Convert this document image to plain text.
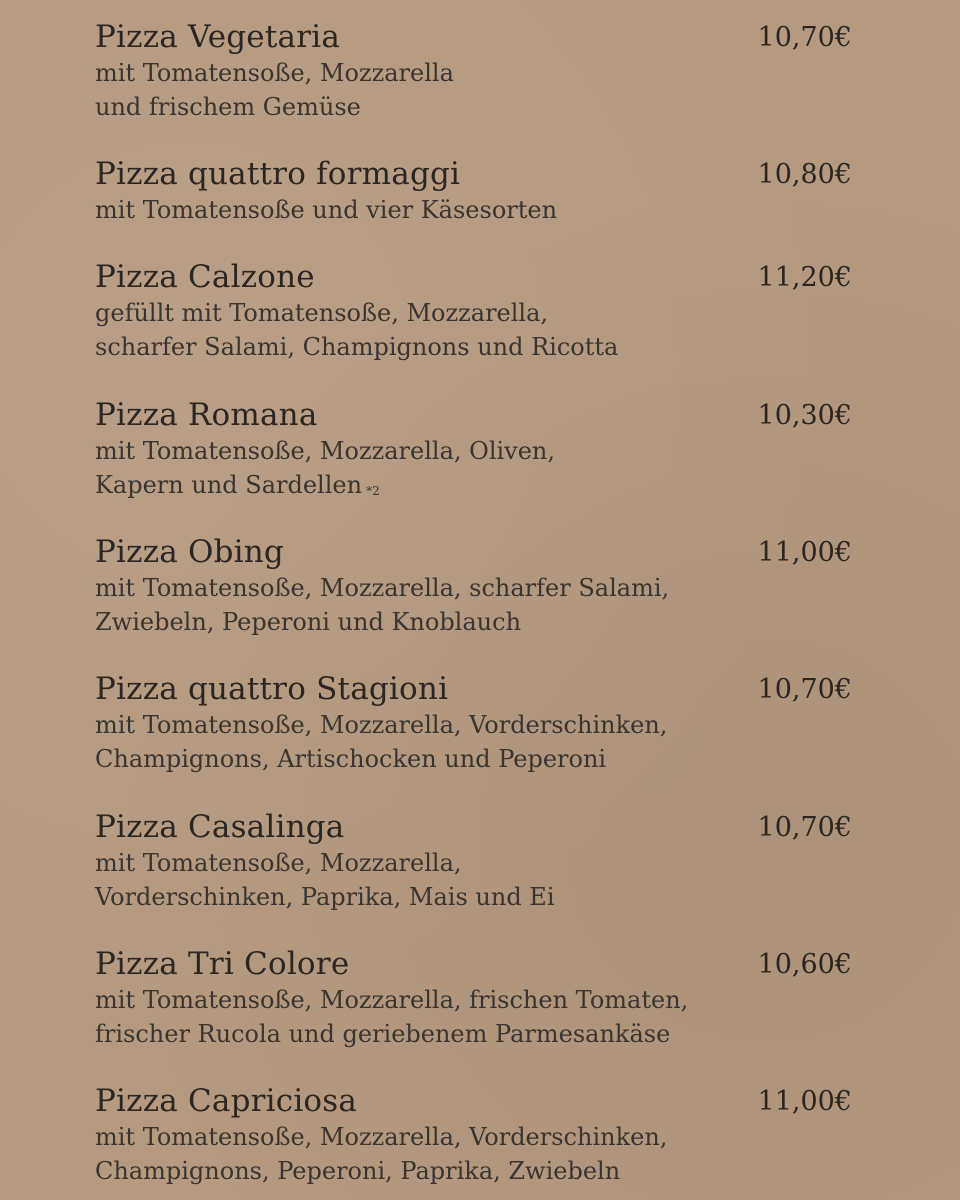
Pizza Vegetaria	10,70€
mit Tomatensoße, Mozzarella
und frischem Gemüse
Pizza quattro formaggi	10,80€
mit Tomatensoße und vier Käsesorten
Pizza Calzone	11,20€
gefüllt mit Tomatensoße, Mozzarella,
scharfer Salami, Champignons und Ricotta
Pizza Romana	10,30€
mit Tomatensoße, Mozzarella, Oliven,
Kapern und Sardellen $^{*2}$
Pizza Obing	11,00€
mit Tomatensoße, Mozzarella, scharfer Salami,
Zwiebeln, Peperoni und Knoblauch
Pizza quattro Stagioni	10,70€
mit Tomatensoße, Mozzarella, Vorderschinken,
Champignons, Artischocken und Peperoni
Pizza Casalinga	10,70€
mit Tomatensoße, Mozzarella,
Vorderschinken, Paprika, Mais und Ei
Pizza Tri Colore	10,60€
mit Tomatensoße, Mozzarella, frischen Tomaten,
frischer Rucola und geriebenem Parmesankäse
Pizza Capriciosa	11,00€
mit Tomatensoße, Mozzarella, Vorderschinken,
Champignons, Peperoni, Paprika, Zwiebeln
